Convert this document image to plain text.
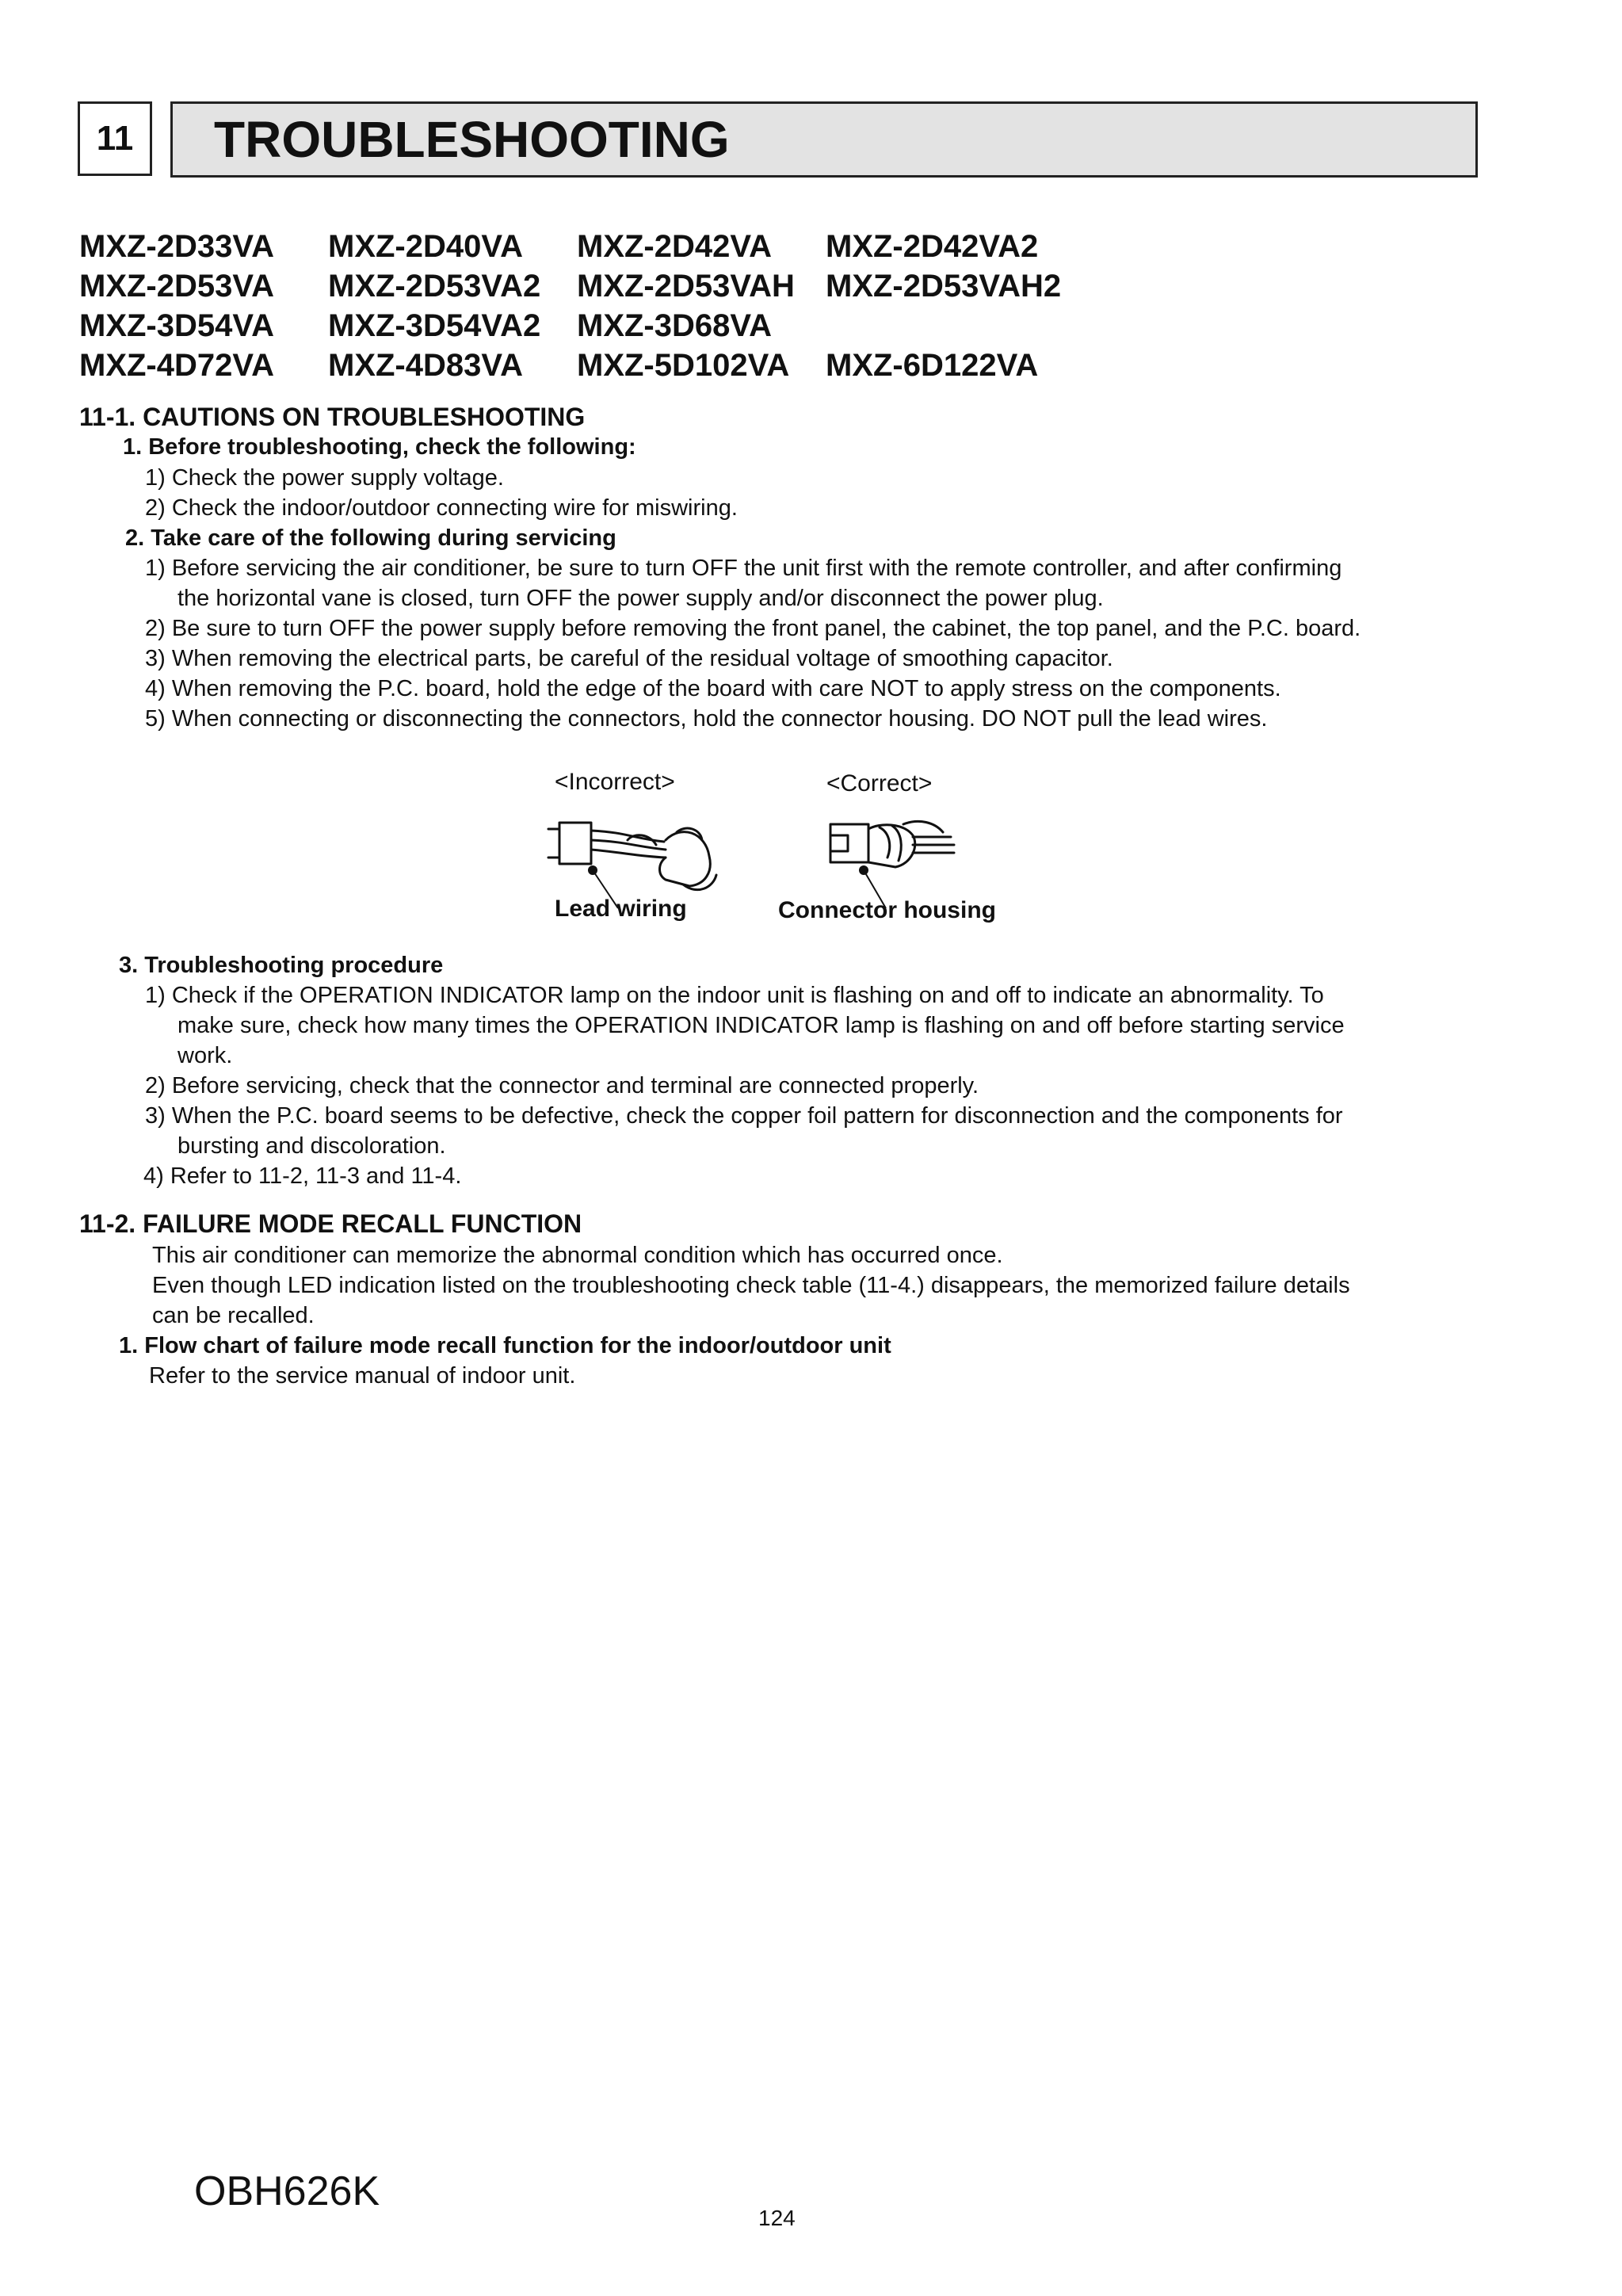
11	TROUBLESHOOTING
MXZ-2D33VA	MXZ-2D40VA	MXZ-2D42VA	MXZ-2D42VA2
MXZ-2D53VA	MXZ-2D53VA2	MXZ-2D53VAH MXZ-2D53VAH2
MXZ-3D54VA	MXZ-3D54VA2	MXZ-3D68VA
MXZ-4D72VA	MXZ-4D83VA	MXZ-5D102VA	MXZ-6D122VA
11-1. CAUTIONS ON TROUBLESHOOTING
1. Before troubleshooting, check the following:
1) Check the power supply voltage.
2) Check the indoor/outdoor connecting wire for miswiring.
2. Take care of the following during servicing
1) Before servicing the air conditioner, be sure to turn OFF the unit first with the remote controller, and after confirming
the horizontal vane is closed, turn OFF the power supply and/or disconnect the power plug.
2) Be sure to turn OFF the power supply before removing the front panel, the cabinet, the top panel, and the P.C. board.
3) When removing the electrical parts, be careful of the residual voltage of smoothing capacitor.
4) When removing the P.C. board, hold the edge of the board with care NOT to apply stress on the components.
5) When connecting or disconnecting the connectors, hold the connector housing. DO NOT pull the lead wires.
<Incorrect>	<Correct>
Lead wiring	Connector housing
3. Troubleshooting procedure
1) Check if the OPERATION INDICATOR lamp on the indoor unit is flashing on and off to indicate an abnormality. To
make sure, check how many times the OPERATION INDICATOR lamp is flashing on and off before starting service
work.
2) Before servicing, check that the connector and terminal are connected properly.
3) When the P.C. board seems to be defective, check the copper foil pattern for disconnection and the components for
bursting and discoloration.
4) Refer to 11-2, 11-3 and 11-4.
11-2. FAILURE MODE RECALL FUNCTION
This air conditioner can memorize the abnormal condition which has occurred once.
Even though LED indication listed on the troubleshooting check table (11-4.) disappears, the memorized failure details
can be recalled.
1. Flow chart of failure mode recall function for the indoor/outdoor unit
Refer to the service manual of indoor unit.
OBH626K
124
